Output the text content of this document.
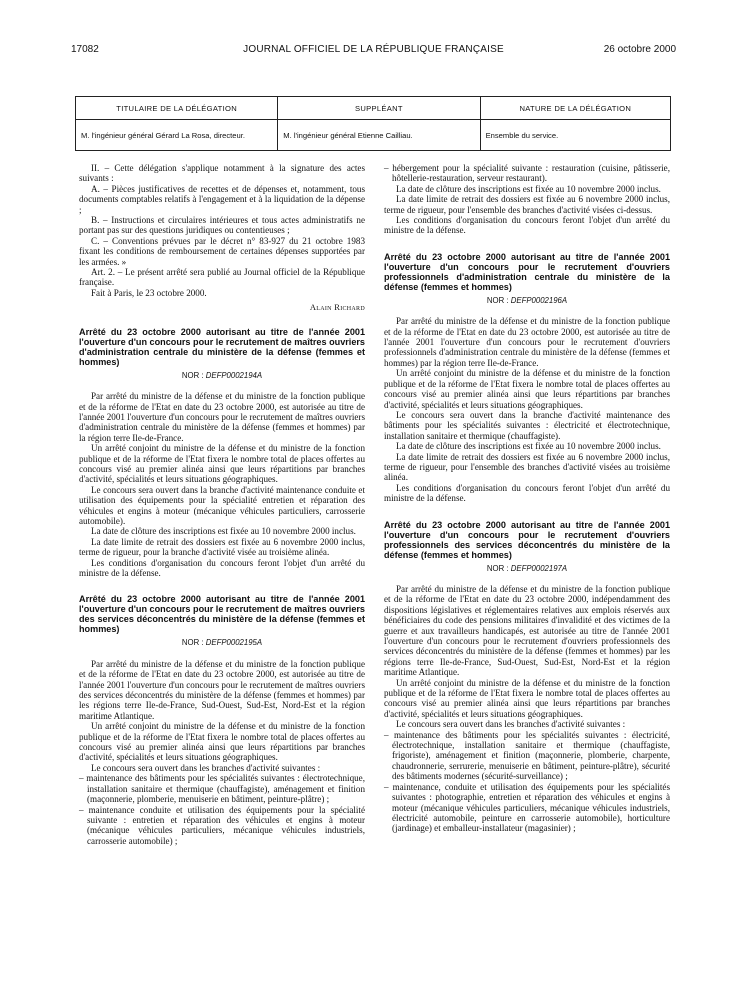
17082	JOURNAL OFFICIEL DE LA RÉPUBLIQUE FRANÇAISE	26 octobre 2000
TITULAIRE DE LA DÉLÉGATION	SUPPLÉANT	NATURE DE LA DÉLÉGATION
M. l'ingénieur général Gérard La Rosa, directeur.	M. l'ingénieur général Etienne Cailliau.	Ensemble du service.

II. – Cette délégation s'applique notamment à la signature des actes suivants :

A. – Pièces justificatives de recettes et de dépenses et, notamment, tous documents comptables relatifs à l'engagement et à la liquidation de la dépense ;

B. – Instructions et circulaires intérieures et tous actes administratifs ne portant pas sur des questions juridiques ou contentieuses ;

C. – Conventions prévues par le décret n° 83-927 du 21 octobre 1983 fixant les conditions de remboursement de certaines dépenses supportées par les armées. »

Art. 2. – Le présent arrêté sera publié au Journal officiel de la République française.

Fait à Paris, le 23 octobre 2000.

Alain Richard

Arrêté du 23 octobre 2000 autorisant au titre de l'année 2001 l'ouverture d'un concours pour le recrutement de maîtres ouvriers d'administration centrale du ministère de la défense (femmes et hommes)

NOR : DEFP0002194A

Par arrêté du ministre de la défense et du ministre de la fonction publique et de la réforme de l'Etat en date du 23 octobre 2000, est autorisée au titre de l'année 2001 l'ouverture d'un concours pour le recrutement de maîtres ouvriers d'administration centrale du ministère de la défense (femmes et hommes) par la région terre Ile-de-France.

Un arrêté conjoint du ministre de la défense et du ministre de la fonction publique et de la réforme de l'Etat fixera le nombre total de places offertes au concours visé au premier alinéa ainsi que leurs répartitions par branches d'activité, spécialités et leurs situations géographiques.

Le concours sera ouvert dans la branche d'activité maintenance conduite et utilisation des équipements pour la spécialité entretien et réparation des véhicules et engins à moteur (mécanique véhicules particuliers, carrosserie automobile).

La date de clôture des inscriptions est fixée au 10 novembre 2000 inclus.

La date limite de retrait des dossiers est fixée au 6 novembre 2000 inclus, terme de rigueur, pour la branche d'activité visée au troisième alinéa.

Les conditions d'organisation du concours feront l'objet d'un arrêté du ministre de la défense.

Arrêté du 23 octobre 2000 autorisant au titre de l'année 2001 l'ouverture d'un concours pour le recrutement de maîtres ouvriers des services déconcentrés du ministère de la défense (femmes et hommes)

NOR : DEFP0002195A

Par arrêté du ministre de la défense et du ministre de la fonction publique et de la réforme de l'Etat en date du 23 octobre 2000, est autorisée au titre de l'année 2001 l'ouverture d'un concours pour le recrutement de maîtres ouvriers des services déconcentrés du ministère de la défense (femmes et hommes) par les régions terre Ile-de-France, Sud-Ouest, Sud-Est, Nord-Est et la région maritime Atlantique.

Un arrêté conjoint du ministre de la défense et du ministre de la fonction publique et de la réforme de l'Etat fixera le nombre total de places offertes au concours visé au premier alinéa ainsi que leurs répartitions par branches d'activité, spécialités et leurs situations géographiques.

Le concours sera ouvert dans les branches d'activité suivantes :

– maintenance des bâtiments pour les spécialités suivantes : électrotechnique, installation sanitaire et thermique (chauffagiste), aménagement et finition (maçonnerie, plomberie, menuiserie en bâtiment, peinture-plâtre) ;

– maintenance conduite et utilisation des équipements pour la spécialité suivante : entretien et réparation des véhicules et engins à moteur (mécanique véhicules particuliers, mécanique véhicules industriels, carrosserie automobile) ;

– hébergement pour la spécialité suivante : restauration (cuisine, pâtisserie, hôtellerie-restauration, serveur restaurant).

La date de clôture des inscriptions est fixée au 10 novembre 2000 inclus.

La date limite de retrait des dossiers est fixée au 6 novembre 2000 inclus, terme de rigueur, pour l'ensemble des branches d'activité visées ci-dessus.

Les conditions d'organisation du concours feront l'objet d'un arrêté du ministre de la défense.

Arrêté du 23 octobre 2000 autorisant au titre de l'année 2001 l'ouverture d'un concours pour le recrutement d'ouvriers professionnels d'administration centrale du ministère de la défense (femmes et hommes)

NOR : DEFP0002196A

Par arrêté du ministre de la défense et du ministre de la fonction publique et de la réforme de l'Etat en date du 23 octobre 2000, est autorisée au titre de l'année 2001 l'ouverture d'un concours pour le recrutement d'ouvriers professionnels d'administration centrale du ministère de la défense (femmes et hommes) par la région terre Ile-de-France.

Un arrêté conjoint du ministre de la défense et du ministre de la fonction publique et de la réforme de l'Etat fixera le nombre total de places offertes au concours visé au premier alinéa ainsi que leurs répartitions par branches d'activité, spécialités et leurs situations géographiques.

Le concours sera ouvert dans la branche d'activité maintenance des bâtiments pour les spécialités suivantes : électricité et électrotechnique, installation sanitaire et thermique (chauffagiste).

La date de clôture des inscriptions est fixée au 10 novembre 2000 inclus.

La date limite de retrait des dossiers est fixée au 6 novembre 2000 inclus, terme de rigueur, pour l'ensemble des branches d'activité visées au troisième alinéa.

Les conditions d'organisation du concours feront l'objet d'un arrêté du ministre de la défense.

Arrêté du 23 octobre 2000 autorisant au titre de l'année 2001 l'ouverture d'un concours pour le recrutement d'ouvriers professionnels des services déconcentrés du ministère de la défense (femmes et hommes)

NOR : DEFP0002197A

Par arrêté du ministre de la défense et du ministre de la fonction publique et de la réforme de l'Etat en date du 23 octobre 2000, indépendamment des dispositions législatives et réglementaires relatives aux emplois réservés aux bénéficiaires du code des pensions militaires d'invalidité et des victimes de la guerre et aux travailleurs handicapés, est autorisée au titre de l'année 2001 l'ouverture d'un concours pour le recrutement d'ouvriers professionnels des services déconcentrés du ministère de la défense (femmes et hommes) par les régions terre Ile-de-France, Sud-Ouest, Sud-Est, Nord-Est et la région maritime Atlantique.

Un arrêté conjoint du ministre de la défense et du ministre de la fonction publique et de la réforme de l'Etat fixera le nombre total de places offertes au concours visé au premier alinéa ainsi que leurs répartitions par branches d'activité, spécialités et leurs situations géographiques.

Le concours sera ouvert dans les branches d'activité suivantes :

– maintenance des bâtiments pour les spécialités suivantes : électricité, électrotechnique, installation sanitaire et thermique (chauffagiste, frigoriste), aménagement et finition (maçonnerie, plomberie, charpente, chaudronnerie, serrurerie, menuiserie en bâtiment, peinture-plâtre), sécurité des bâtiments modernes (sécurité-surveillance) ;

– maintenance, conduite et utilisation des équipements pour les spécialités suivantes : photographie, entretien et réparation des véhicules et engins à moteur (mécanique véhicules particuliers, mécanique véhicules industriels, électricité automobile, peinture en carrosserie automobile), horticulture (jardinage) et emballeur-installateur (magasinier) ;
